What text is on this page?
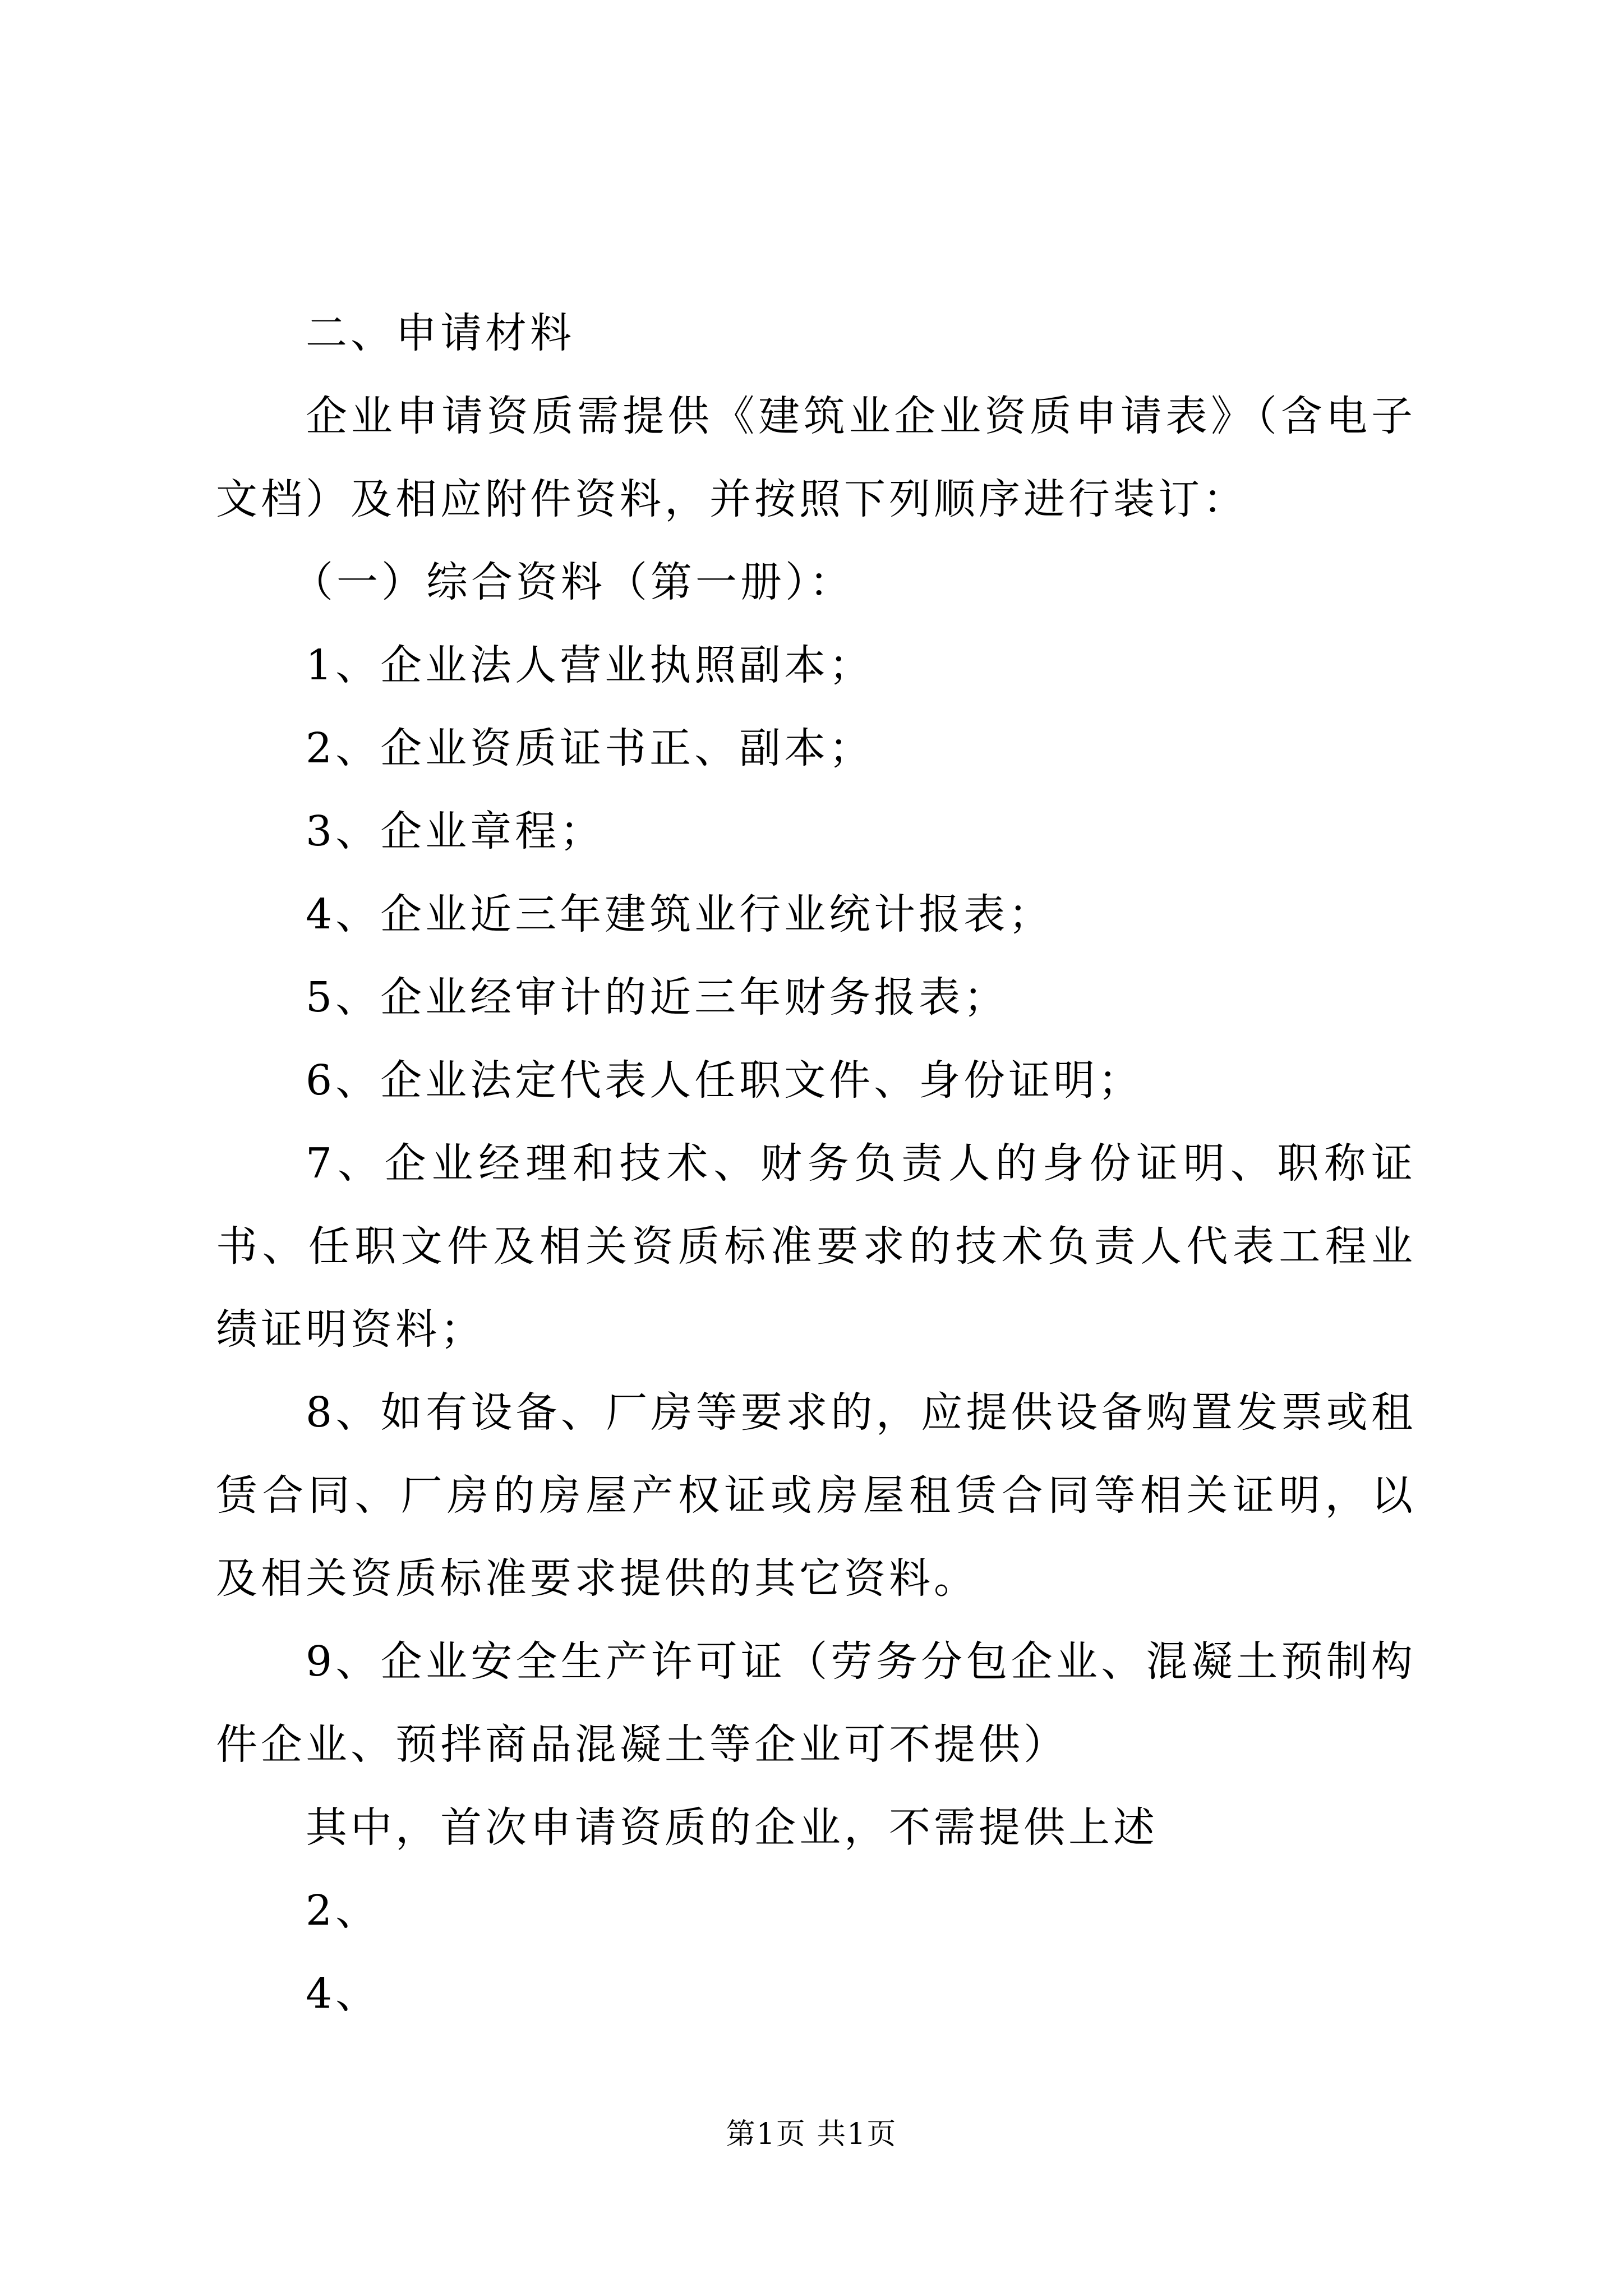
二、申请材料

企业申请资质需提供《建筑业企业资质申请表》（含电子文档）及相应附件资料，并按照下列顺序进行装订：

（一）综合资料（第一册）：

1、企业法人营业执照副本；

2、企业资质证书正、副本；

3、企业章程；

4、企业近三年建筑业行业统计报表；

5、企业经审计的近三年财务报表；

6、企业法定代表人任职文件、身份证明；

7、企业经理和技术、财务负责人的身份证明、职称证书、任职文件及相关资质标准要求的技术负责人代表工程业绩证明资料；

8、如有设备、厂房等要求的，应提供设备购置发票或租赁合同、厂房的房屋产权证或房屋租赁合同等相关证明，以及相关资质标准要求提供的其它资料。

9、企业安全生产许可证（劳务分包企业、混凝土预制构件企业、预拌商品混凝土等企业可不提供）

其中，首次申请资质的企业，不需提供上述

2、

4、

第1页 共1页
